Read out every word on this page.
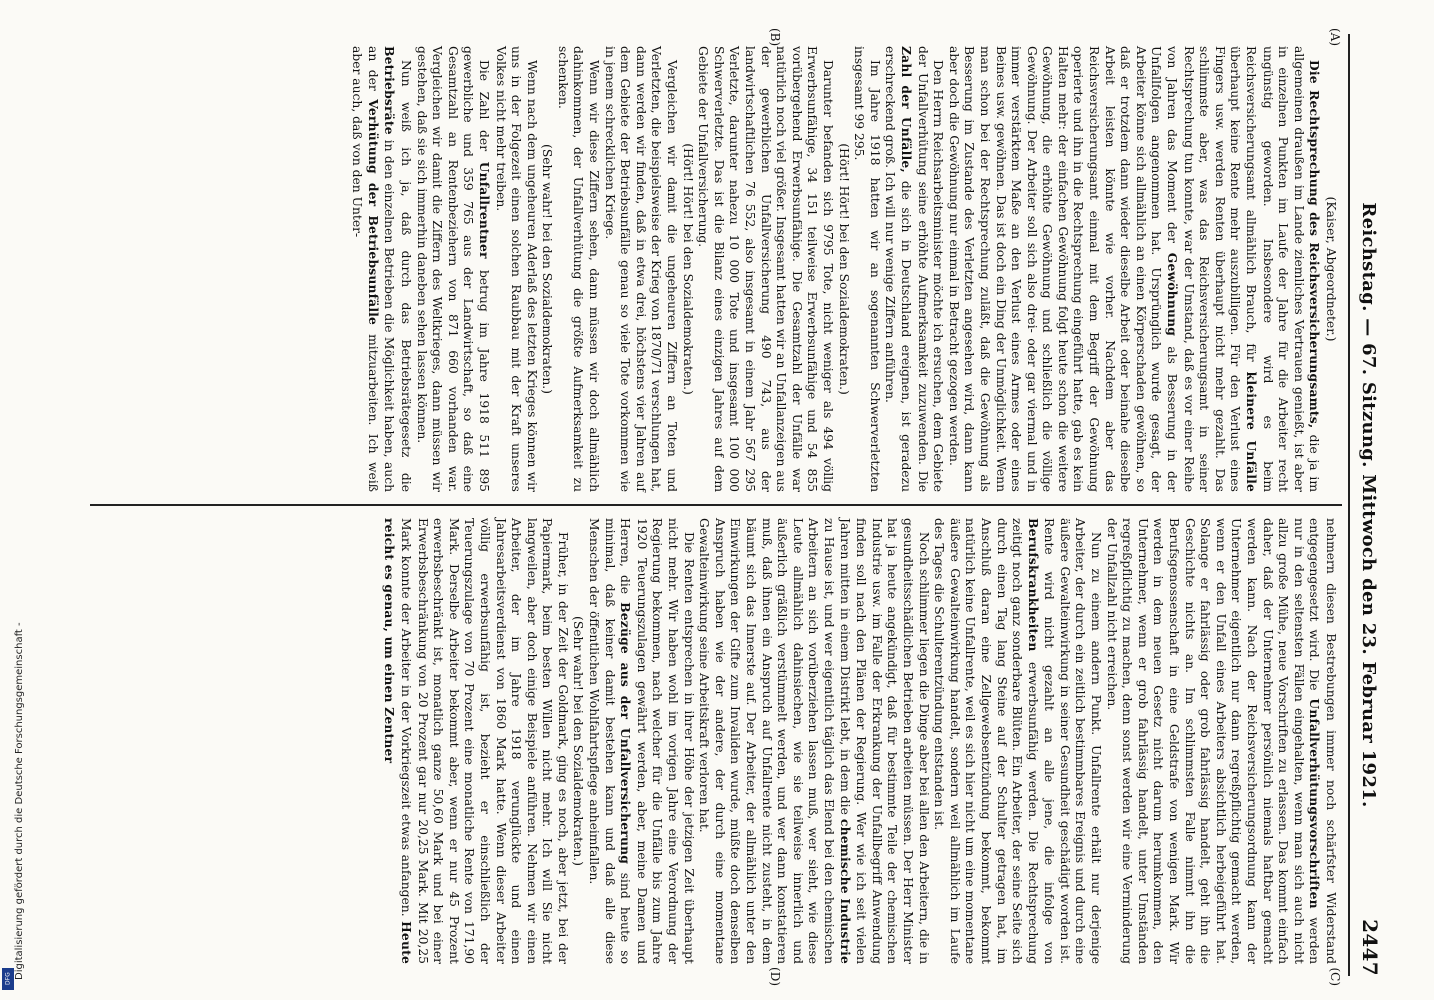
Reichstag. — 67. Sitzung. Mittwoch den 23. Februar 1921.
2447

(Kaiser, Abgeordneter.)

Die Rechtsprechung des Reichsversicherungsamts, die ja im allgemeinen draußen im Lande ziemliches Vertrauen genießt, ist aber in einzelnen Punkten im Laufe der Jahre für die Arbeiter recht ungünstig geworden. Insbesondere wird es beim Reichsversicherungsamt allmählich Brauch, für kleinere Unfälle überhaupt keine Rente mehr auszubilligen. Für den Verlust eines Fingers usw. werden Renten überhaupt nicht mehr gezahlt. Das schlimmste aber, was das Reichsversicherungsamt in seiner Rechtsprechung tun konnte, war der Umstand, daß es vor einer Reihe von Jahren das Moment der Gewöhnung als Besserung in der Unfallfolgen angenommen hat. Ursprünglich wurde gesagt, der Arbeiter könne sich allmählich an einen Körperschaden gewöhnen, so daß er trotzdem dann wieder dieselbe Arbeit oder beinahe dieselbe Arbeit leisten könnte wie vorher. Nachdem aber das Reichsversicherungsamt einmal mit dem Begriff der Gewöhnung operierte und ihn in die Rechtsprechung eingeführt hatte, gab es kein Halten mehr: der einfachen Gewöhnung folgt heute schon die weitere Gewöhnung, die erhöhte Gewöhnung und schließlich die völlige Gewöhnung. Der Arbeiter soll sich also drei- oder gar viermal und in immer verstärktem Maße an den Verlust eines Armes oder eines Beines usw. gewöhnen. Das ist doch ein Ding der Unmöglichkeit. Wenn man schon bei der Rechtsprechung zuläßt, daß die Gewöhnung als Besserung im Zustande des Verletzten angesehen wird, dann kann aber doch die Gewöhnung nur einmal in Betracht gezogen werden.

Den Herrn Reichsarbeitsminister möchte ich ersuchen, dem Gebiete der Unfallverhütung seine erhöhte Aufmerksamkeit zuzuwenden. Die Zahl der Unfälle, die sich in Deutschland ereignen, ist geradezu erschreckend groß. Ich will nur wenige Ziffern anführen.

Im Jahre 1918 hatten wir an sogenannten Schwerverletzten insgesamt 99 295.

(Hört! Hört! bei den Sozialdemokraten.)

Darunter befanden sich 9795 Tote, nicht weniger als 494 völlig Erwerbsunfähige, 34 151 teilweise Erwerbsunfähige und 54 855 vorübergehend Erwerbsunfähige. Die Gesamtzahl der Unfälle war natürlich noch viel größer. Insgesamt hatten wir an Unfallanzeigen aus der gewerblichen Unfallversicherung 490 743, aus der landwirtschaftlichen 76 552, also insgesamt in einem Jahr 567 295 Verletzte, darunter nahezu 10 000 Tote und insgesamt 100 000 Schwerverletzte. Das ist die Bilanz eines einzigen Jahres auf dem Gebiete der Unfallversicherung.

(Hört! Hört! bei den Sozialdemokraten.)

Vergleichen wir damit die ungeheuren Ziffern an Toten und Verletzten, die beispielsweise der Krieg von 1870/71 verschlungen hat, dann werden wir finden, daß in etwa drei, höchstens vier Jahren auf dem Gebiete der Betriebsunfälle genau so viele Tote vorkommen wie in jenem schrecklichen Kriege.

Wenn wir diese Ziffern sehen, dann müssen wir doch allmählich dahinkommen, der Unfallverhütung die größte Aufmerksamkeit zu schenken.

(Sehr wahr! bei den Sozialdemokraten.)

Wenn nach dem ungeheuren Aderlaß des letzten Krieges können wir uns in der Folgezeit einen solchen Raubbau mit der Kraft unseres Volkes nicht mehr treiben.

Die Zahl der Unfallrentner betrug im Jahre 1918 511 895 gewerbliche und 359 765 aus der Landwirtschaft, so daß eine Gesamtzahl an Rentenbeziehern von 871 660 vorhanden war. Vergleichen wir damit die Ziffern des Weltkrieges, dann müssen wir gestehen, daß sie sich immerhin daneben sehen lassen können.

Nun weiß ich ja, daß durch das Betriebsrätegesetz die Betriebsräte in den einzelnen Betrieben die Möglichkeit haben, auch an der Verhütung der Betriebsunfälle mitzuarbeiten. Ich weiß aber auch, daß von den Unter-

nehmern diesen Bestrebungen immer noch schärfster Widerstand entgegengesetzt wird. Die Unfallverhütungsvorschriften werden nur in den seltensten Fällen eingehalten, wenn man sich auch nicht allzu große Mühe, neue Vorschriften zu erlassen. Das kommt einfach daher, daß der Unternehmer persönlich niemals haftbar gemacht werden kann. Nach der Reichsversicherungsordnung kann der Unternehmer eigentlich nur dann regreßpflichtig gemacht werden, wenn er den Unfall eines Arbeiters absichtlich herbeigeführt hat. Solange er fahrlässig oder grob fahrlässig handelt, geht ihn die Geschichte nichts an. Im schlimmsten Falle nimmt ihn die Berufsgenossenschaft in eine Geldstrafe von wenigen Mark. Wir werden in dem neuen Gesetz nicht darum herumkommen, den Unternehmer, wenn er grob fahrlässig handelt, unter Umständen regreßpflichtig zu machen, denn sonst werden wir eine Verminderung der Unfallzahl nicht erreichen.

Nun zu einem andern Punkt. Unfallrente erhält nur derjenige Arbeiter, der durch ein zeitlich bestimmbares Ereignis und durch eine äußere Gewalteinwirkung in seiner Gesundheit geschädigt worden ist. Rente wird nicht gezahlt an alle jene, die infolge von Berufskrankheiten erwerbsunfähig werden. Die Rechtsprechung zeitigt noch ganz sonderbare Blüten. Ein Arbeiter, der seine Seite sich durch einen Tag lang Steine auf der Schulter getragen hat, im Anschluß daran eine Zellgewebsentzündung bekommt, bekommt natürlich keine Unfallrente, weil es sich hier nicht um eine momentane äußere Gewalteinwirkung handelt, sondern weil allmählich im Laufe des Tages die Schulterentzündung entstanden ist.

Noch schlimmer liegen die Dinge aber bei allen den Arbeitern, die in gesundheitsschädlichen Betrieben arbeiten müssen. Der Herr Minister hat ja heute angekündigt, daß für bestimmte Teile der chemischen Industrie usw. im Falle der Erkrankung der Unfallbegriff Anwendung finden soll nach den Plänen der Regierung. Wer wie ich seit vielen Jahren mitten in einem Distrikt lebt, in dem die chemische Industrie zu Hause ist, und wer eigentlich täglich das Elend bei den chemischen Arbeitern an sich vorüberziehen lassen muß, wer sieht, wie diese Leute allmählich dahinsiechen, wie sie teilweise innerlich und äußerlich gräßlich verstümmelt werden, und wer dann konstatieren muß, daß ihnen ein Anspruch auf Unfallrente nicht zusteht, in dem bäumt sich das Innerste auf. Der Arbeiter, der allmählich unter den Einwirkungen der Gifte zum Invaliden wurde, müßte doch denselben Anspruch haben wie der andere, der durch eine momentane Gewalteinwirkung seine Arbeitskraft verloren hat.

Die Renten entsprechen in ihrer Höhe der jetzigen Zeit überhaupt nicht mehr. Wir haben wohl im vorigen Jahre eine Verordnung der Regierung bekommen, nach welcher für die Unfälle bis zum Jahre 1920 Teuerungszulagen gewährt werden, aber, meine Damen und Herren, die Bezüge aus der Unfallversicherung sind heute so minimal, daß keiner damit bestehen kann und daß alle diese Menschen der öffentlichen Wohlfahrtspflege anheimfallen.

(Sehr wahr! bei den Sozialdemokraten.)

Früher, in der Zeit der Goldmark, ging es noch, aber jetzt, bei der Papiermark, beim besten Willen nicht mehr. Ich will Sie nicht langweilen, aber doch einige Beispiele anführen. Nehmen wir einen Arbeiter, der im Jahre 1918 verunglückte und einen Jahresarbeitsverdienst von 1860 Mark hatte. Wenn dieser Arbeiter völlig erwerbsunfähig ist, bezieht er einschließlich der Teuerungszulage von 70 Prozent eine monatliche Rente von 171,90 Mark. Derselbe Arbeiter bekommt aber, wenn er nur 45 Prozent erwerbsbeschränkt ist, monatlich ganze 50,60 Mark und bei einer Erwerbsbeschränkung von 20 Prozent gar nur 20,25 Mark. Mit 20,25 Mark konnte der Arbeiter in der Vorkriegszeit etwas anfangen. Heute reicht es genau, um einen Zentner

(A)
(B)
(C)
(D)
Digitalisierung gefördert durch die Deutsche Forschungsgemeinschaft -
DFG
